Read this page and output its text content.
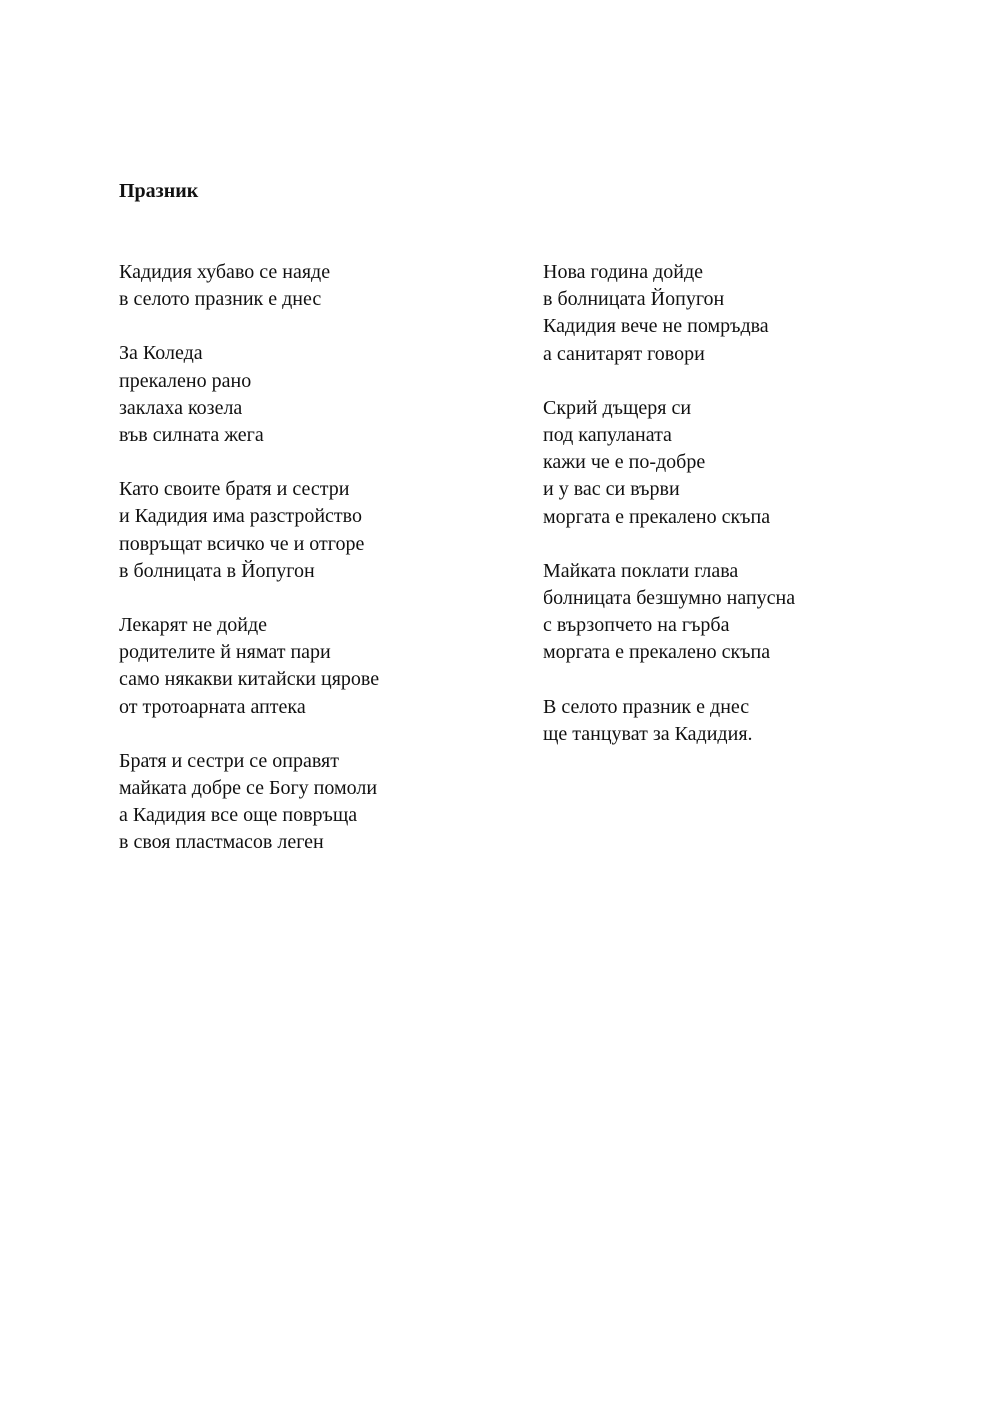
Празник
Кадидия хубаво се наяде
в селото празник е днес
За Коледа
прекалено рано
заклаха козела
във силната жега
Като своите братя и сестри
и Кадидия има разстройство
повръщат всичко че и отгоре
в болницата в Йопугон
Лекарят не дойде
родителите й нямат пари
само някакви китайски цярове
от тротоарната аптека
Братя и сестри се оправят
майката добре се Богу помоли
а Кадидия все още повръща
в своя пластмасов леген
Нова година дойде
в болницата Йопугон
Кадидия вече не помръдва
а санитарят говори
Скрий дъщеря си
под капуланата
кажи че е по-добре
и у вас си върви
моргата е прекалено скъпа
Майката поклати глава
болницата безшумно напусна
с вързопчето на гърба
моргата е прекалено скъпа
В селото празник е днес
ще танцуват за Кадидия.
